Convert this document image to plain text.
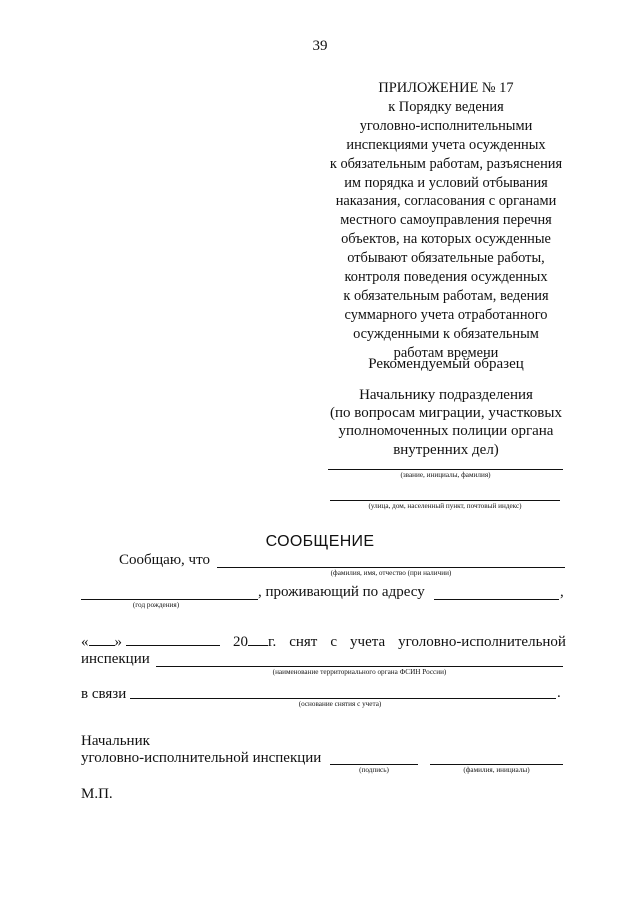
39
ПРИЛОЖЕНИЕ № 17
к Порядку ведения
уголовно-исполнительными
инспекциями учета осужденных
к обязательным работам, разъяснения
им порядка и условий отбывания
наказания, согласования с органами
местного самоуправления перечня
объектов, на которых осужденные
отбывают обязательные работы,
контроля поведения осужденных
к обязательным работам, ведения
суммарного учета отработанного
осужденными к обязательным
работам времени
Рекомендуемый образец
Начальнику подразделения
(по вопросам миграции, участковых
уполномоченных полиции органа
внутренних дел)
(звание, инициалы, фамилия)
(улица, дом, населенный пункт, почтовый индекс)
СООБЩЕНИЕ
Сообщаю, что
(фамилия, имя, отчество (при наличии)
(год рождения)
, проживающий по адресу	,
« »	20 г. снят с учета уголовно-исполнительной
инспекции
(наименование территориального органа ФСИН России)
в связи	.
(основание снятия с учета)
Начальник
уголовно-исполнительной инспекции
(подпись)	(фамилия, инициалы)
М.П.
